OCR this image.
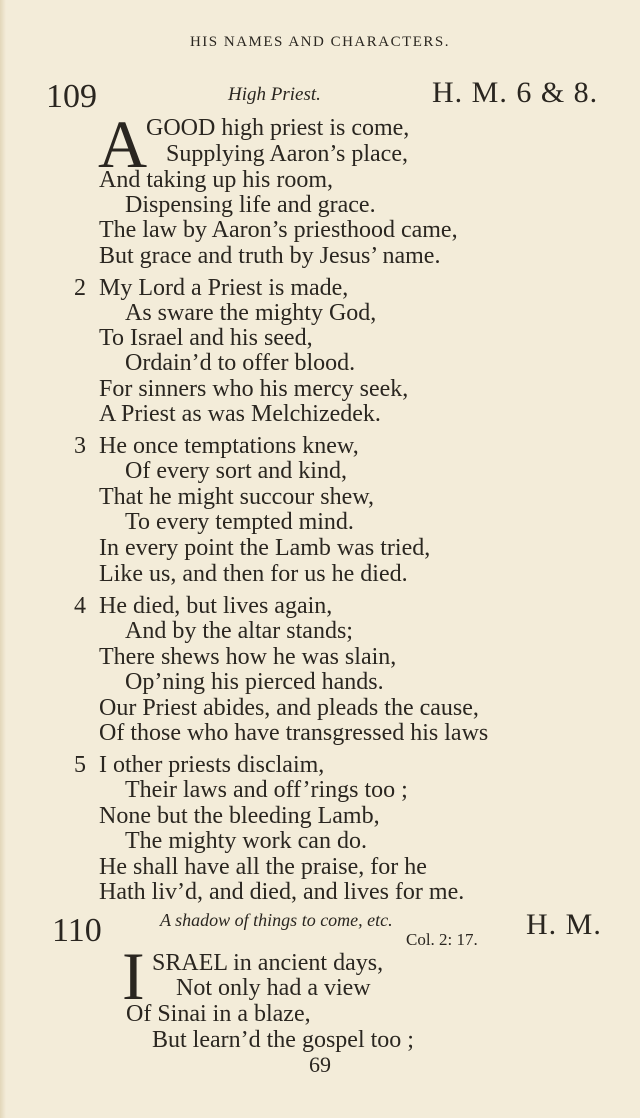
HIS NAMES AND CHARACTERS.
109	High Priest.	H. M. 6 & 8.
A
GOOD high priest is come,
Supplying Aaron’s place,
And taking up his room,
Dispensing life and grace.
The law by Aaron’s priesthood came,
But grace and truth by Jesus’ name.
2 My Lord a Priest is made,
As sware the mighty God,
To Israel and his seed,
Ordain’d to offer blood.
For sinners who his mercy seek,
A Priest as was Melchizedek.
3 He once temptations knew,
Of every sort and kind,
That he might succour shew,
To every tempted mind.
In every point the Lamb was tried,
Like us, and then for us he died.
4 He died, but lives again,
And by the altar stands;
There shews how he was slain,
Op’ning his pierced hands.
Our Priest abides, and pleads the cause,
Of those who have transgressed his laws
5 I other priests disclaim,
Their laws and off’rings too ;
None but the bleeding Lamb,
The mighty work can do.
He shall have all the praise, for he
Hath liv’d, and died, and lives for me.
110	A shadow of things to come, etc.
Col. 2: 17. H. M.
I SRAEL in ancient days,
Not only had a view
Of Sinai in a blaze,
But learn’d the gospel too ;
69
